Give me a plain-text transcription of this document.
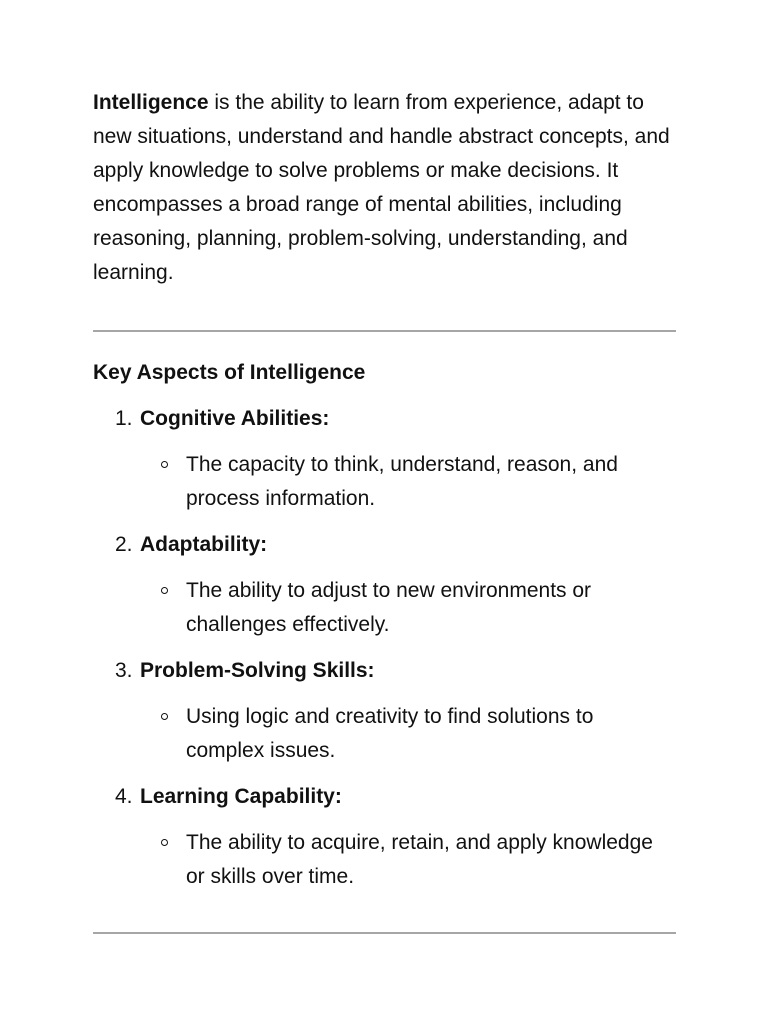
Intelligence is the ability to learn from experience, adapt to new situations, understand and handle abstract concepts, and apply knowledge to solve problems or make decisions. It encompasses a broad range of mental abilities, including reasoning, planning, problem-solving, understanding, and learning.

Key Aspects of Intelligence
1. Cognitive Abilities:
The capacity to think, understand, reason, and process information.
2. Adaptability:
The ability to adjust to new environments or challenges effectively.
3. Problem-Solving Skills:
Using logic and creativity to find solutions to complex issues.
4. Learning Capability:
The ability to acquire, retain, and apply knowledge or skills over time.
